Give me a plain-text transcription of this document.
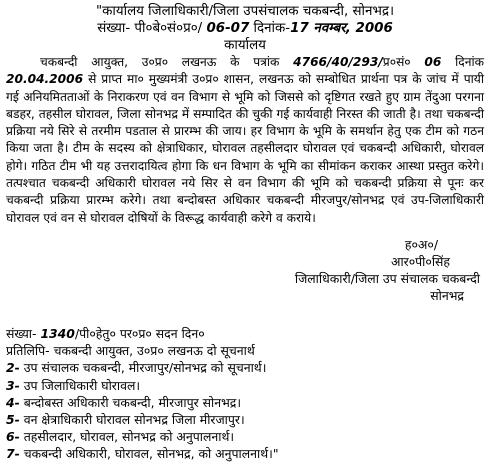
"कार्यालय जिलाधिकारी/जिला उपसंचालक चकबन्दी, सोनभद्र।
संख्या- पी०बे०सं०प्र०/ 06-07 दिनांक-17 नवम्बर, 2006
कार्यालय
चकबन्दी आयुक्त, उ०प्र० लखनऊ के पत्रांक 4766/40/293/प्र०सं० 06 दिनांक 20.04.2006 से प्राप्त मा० मुख्यमंत्री उ०प्र० शासन, लखनऊ को सम्बोधित प्रार्थना पत्र के जांच में पायी गई अनियमितताओं के निराकरण एवं वन विभाग से भूमि को जिससे को दृष्टिगत रखते हुए ग्राम तेंदुआ परगना बडहर, तहसील घोरावल, जिला सोनभद्र में सम्पादित की चुकी गई कार्यवाही निरस्त की जाती है। तथा चकबन्दी प्रक्रिया नये सिरे से तरमीम पडताल से प्रारम्भ की जाय। हर विभाग के भूमि के समर्थान हेतु एक टीम को गठन किया जता है। टीम के सदस्य को क्षेत्राधिकार, घोरावल तहसीलदार घोरावल एवं चकबन्दी अधिकारी, घोरावल होगे। गठित टीम भी यह उत्तरादायित्व होगा कि धन विभाग के भूमि का सीमांकन कराकर आस्था प्रस्तुत करेगे। तत्पश्चात चकबन्दी अधिकारी घोरावल नये सिर से वन विभाग की भूमि को चकबन्दी प्रक्रिया से पूनः कर चकबन्दी प्रक्रिया प्रारम्भ करेगे। तथा बन्दोबस्त अधिकार चकबन्दी मीरजपुर/सोनभद्र एवं उप-जिलाधिकारी घोरावल एवं वन से घोरावल दोषियों के विरूद्ध कार्यवाही करेगे व कराये।
ह०अ०/
आर०पी०सिंह
जिलाधिकारी/जिला उप संचालक चकबन्दी
सोनभद्र
संख्या- 1340/पी०हेतु० पर०प्र० सदन दिन०
प्रतिलिपि- चकबन्दी आयुक्त, उ०प्र० लखनऊ दो सूचनार्थ
2- उप संचालक चकबन्दी, मीरजापुर/सोनभद्र को सूचनार्थ।
3- उप जिलाधिकारी घोरावल।
4- बन्दोबस्त अधिकारी चकबन्दी, मीरजापुर सोनभद्र।
5- वन क्षेत्राधिकारी घोरावल सोनभद्र जिला मीरजापुर।
6- तहसीलदार, घोरावल, सोनभद्र को अनुपालनार्थ।
7- चकबन्दी अधिकारी, घोरावल, सोनभद्र, को अनुपालनार्थ।"
